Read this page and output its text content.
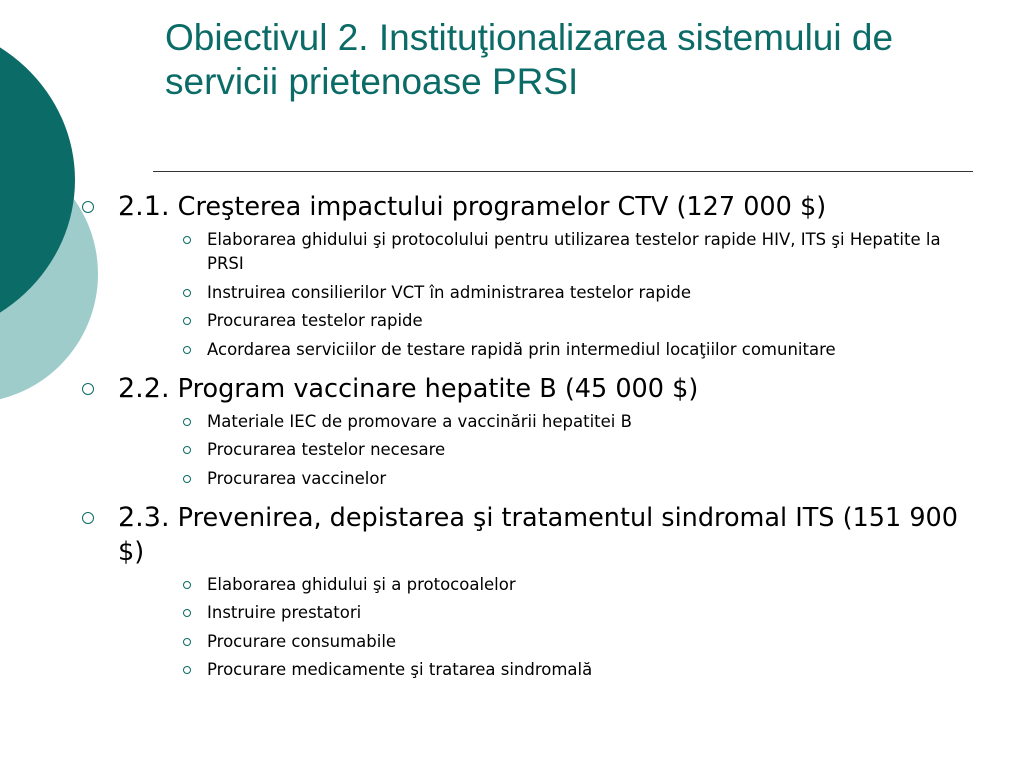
Obiectivul 2. Instituţionalizarea sistemului de servicii prietenoase PRSI
2.1. Creşterea impactului programelor CTV (127 000 $)
Elaborarea ghidului şi protocolului pentru utilizarea testelor rapide HIV, ITS şi Hepatite la PRSI
Instruirea consilierilor VCT în administrarea testelor rapide
Procurarea testelor rapide
Acordarea serviciilor de testare rapidă prin intermediul locaţiilor comunitare
2.2. Program vaccinare hepatite B (45 000 $)
Materiale IEC de promovare a vaccinării hepatitei B
Procurarea testelor necesare
Procurarea vaccinelor
2.3. Prevenirea, depistarea şi tratamentul sindromal ITS (151 900 $)
Elaborarea ghidului şi a protocoalelor
Instruire prestatori
Procurare consumabile
Procurare medicamente şi tratarea sindromală
